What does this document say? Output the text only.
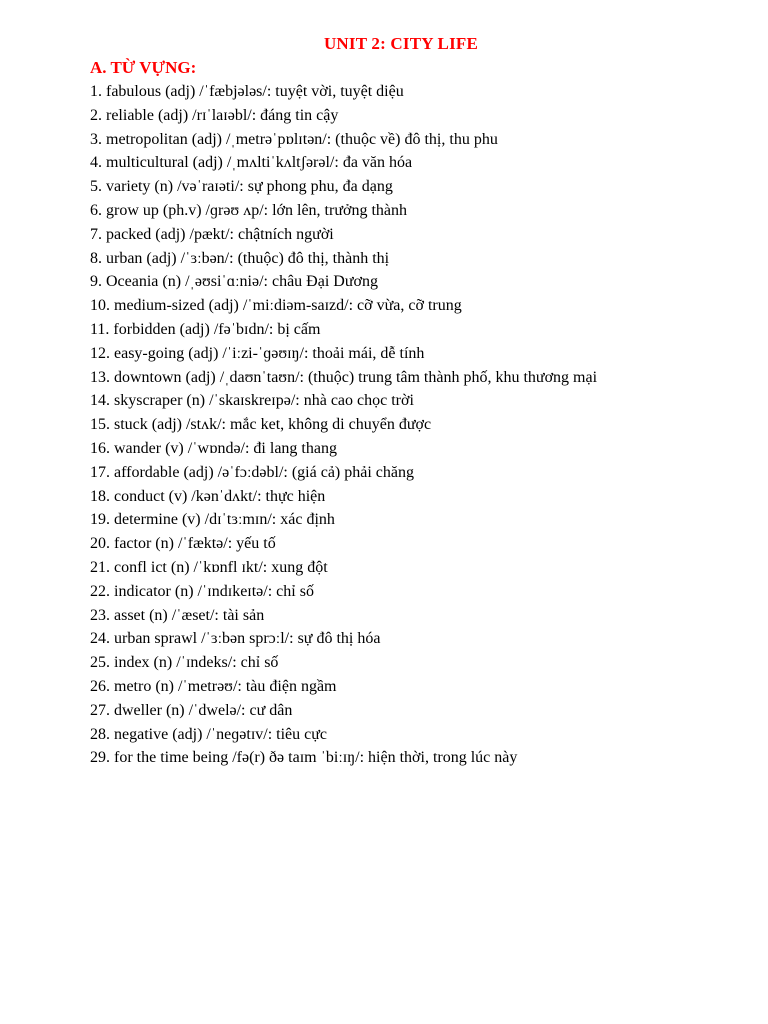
UNIT 2: CITY LIFE
A. TỪ VỰNG:
1. fabulous (adj) /ˈfæbjələs/: tuyệt vời, tuyệt diệu
2. reliable (adj) /rɪˈlaɪəbl/: đáng tin cậy
3. metropolitan (adj) /ˌmetrəˈpɒlɪtən/: (thuộc về) đô thị, thu phu
4. multicultural (adj) /ˌmʌltiˈkʌltʃərəl/: đa văn hóa
5. variety (n) /vəˈraɪəti/: sự phong phu, đa dạng
6. grow up (ph.v) /ɡrəʊ ʌp/: lớn lên, trưởng thành
7. packed (adj) /pækt/: chậtních người
8. urban (adj) /ˈɜːbən/: (thuộc) đô thị, thành thị
9. Oceania (n) /ˌəʊsiˈɑːniə/: châu Đại Dương
10. medium-sized (adj) /ˈmiːdiəm-saɪzd/: cỡ vừa, cỡ trung
11. forbidden (adj) /fəˈbɪdn/: bị cấm
12. easy-going (adj) /ˈiːzi-ˈɡəʊɪŋ/: thoải mái, dễ tính
13. downtown (adj) /ˌdaʊnˈtaʊn/: (thuộc) trung tâm thành phố, khu thương mại
14. skyscraper (n) /ˈskaɪskreɪpə/: nhà cao chọc trời
15. stuck (adj) /stʌk/: mắc ket, không di chuyển được
16. wander (v) /ˈwɒndə/: đi lang thang
17. affordable (adj) /əˈfɔːdəbl/: (giá cả) phải chăng
18. conduct (v) /kənˈdʌkt/: thực hiện
19. determine (v) /dɪˈtɜːmɪn/: xác định
20. factor (n) /ˈfæktə/: yếu tố
21. confl ict (n) /ˈkɒnfl ɪkt/: xung đột
22. indicator (n) /ˈɪndɪkeɪtə/: chỉ số
23. asset (n) /ˈæset/: tài sản
24. urban sprawl /ˈɜːbən sprɔːl/: sự đô thị hóa
25. index (n) /ˈɪndeks/: chỉ số
26. metro (n) /ˈmetrəʊ/: tàu điện ngầm
27. dweller (n) /ˈdwelə/: cư dân
28. negative (adj) /ˈneɡətɪv/: tiêu cực
29. for the time being /fə(r) ðə taɪm ˈbiːɪŋ/: hiện thời, trong lúc này
